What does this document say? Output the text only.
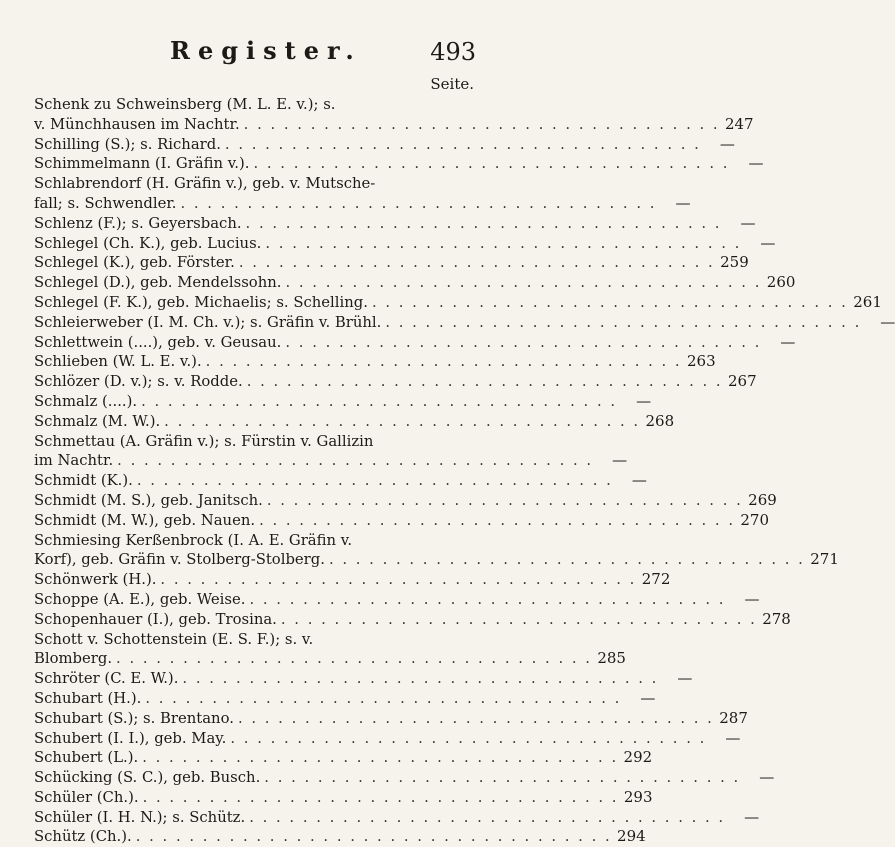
Register.	493
Seite.
Schenk zu Schweinsberg (M. L. E. v.); s.
v. Münchhausen im Nachtr. . . . . . . . . . . . . . . . . . . . . . . . . . . . . . . . . . . . . 247
Schilling (S.); s. Richard. . . . . . . . . . . . . . . . . . . . . . . . . . . . . . . . . . . . .	—
Schimmelmann (I. Gräfin v.). . . . . . . . . . . . . . . . . . . . . . . . . . . . . . . . . . . . .	—
Schlabrendorf (H. Gräfin v.), geb. v. Mutsche-
fall; s. Schwendler. . . . . . . . . . . . . . . . . . . . . . . . . . . . . . . . . . . . .	—
Schlenz (F.); s. Geyersbach. . . . . . . . . . . . . . . . . . . . . . . . . . . . . . . . . . . . .	—
Schlegel (Ch. K.), geb. Lucius. . . . . . . . . . . . . . . . . . . . . . . . . . . . . . . . . . . . .	—
Schlegel (K.), geb. Förster. . . . . . . . . . . . . . . . . . . . . . . . . . . . . . . . . . . . . 259
Schlegel (D.), geb. Mendelssohn. . . . . . . . . . . . . . . . . . . . . . . . . . . . . . . . . . . . . 260
Schlegel (F. K.), geb. Michaelis; s. Schelling. . . . . . . . . . . . . . . . . . . . . . . . . . . . . . . . . . . . . 261
Schleierweber (I. M. Ch. v.); s. Gräfin v. Brühl. . . . . . . . . . . . . . . . . . . . . . . . . . . . . . . . . . . . .	—
Schlettwein (....), geb. v. Geusau. . . . . . . . . . . . . . . . . . . . . . . . . . . . . . . . . . . . .	—
Schlieben (W. L. E. v.). . . . . . . . . . . . . . . . . . . . . . . . . . . . . . . . . . . . . 263
Schlözer (D. v.); s. v. Rodde. . . . . . . . . . . . . . . . . . . . . . . . . . . . . . . . . . . . . 267
Schmalz (....). . . . . . . . . . . . . . . . . . . . . . . . . . . . . . . . . . . . .	—
Schmalz (M. W.). . . . . . . . . . . . . . . . . . . . . . . . . . . . . . . . . . . . . 268
Schmettau (A. Gräfin v.); s. Fürstin v. Gallizin
im Nachtr. . . . . . . . . . . . . . . . . . . . . . . . . . . . . . . . . . . . .	—
Schmidt (K.). . . . . . . . . . . . . . . . . . . . . . . . . . . . . . . . . . . . .	—
Schmidt (M. S.), geb. Janitsch. . . . . . . . . . . . . . . . . . . . . . . . . . . . . . . . . . . . . 269
Schmidt (M. W.), geb. Nauen. . . . . . . . . . . . . . . . . . . . . . . . . . . . . . . . . . . . . 270
Schmiesing Kerßenbrock (I. A. E. Gräfin v.
Korf), geb. Gräfin v. Stolberg-Stolberg. . . . . . . . . . . . . . . . . . . . . . . . . . . . . . . . . . . . . 271
Schönwerk (H.). . . . . . . . . . . . . . . . . . . . . . . . . . . . . . . . . . . . . 272
Schoppe (A. E.), geb. Weise. . . . . . . . . . . . . . . . . . . . . . . . . . . . . . . . . . . . .	—
Schopenhauer (I.), geb. Trosina. . . . . . . . . . . . . . . . . . . . . . . . . . . . . . . . . . . . . 278
Schott v. Schottenstein (E. S. F.); s. v.
Blomberg. . . . . . . . . . . . . . . . . . . . . . . . . . . . . . . . . . . . . 285
Schröter (C. E. W.). . . . . . . . . . . . . . . . . . . . . . . . . . . . . . . . . . . . .	—
Schubart (H.). . . . . . . . . . . . . . . . . . . . . . . . . . . . . . . . . . . . .	—
Schubart (S.); s. Brentano. . . . . . . . . . . . . . . . . . . . . . . . . . . . . . . . . . . . . 287
Schubert (I. I.), geb. May. . . . . . . . . . . . . . . . . . . . . . . . . . . . . . . . . . . . .	—
Schubert (L.). . . . . . . . . . . . . . . . . . . . . . . . . . . . . . . . . . . . . 292
Schücking (S. C.), geb. Busch. . . . . . . . . . . . . . . . . . . . . . . . . . . . . . . . . . . . .	—
Schüler (Ch.). . . . . . . . . . . . . . . . . . . . . . . . . . . . . . . . . . . . . 293
Schüler (I. H. N.); s. Schütz. . . . . . . . . . . . . . . . . . . . . . . . . . . . . . . . . . . . .	—
Schütz (Ch.). . . . . . . . . . . . . . . . . . . . . . . . . . . . . . . . . . . . . 294
